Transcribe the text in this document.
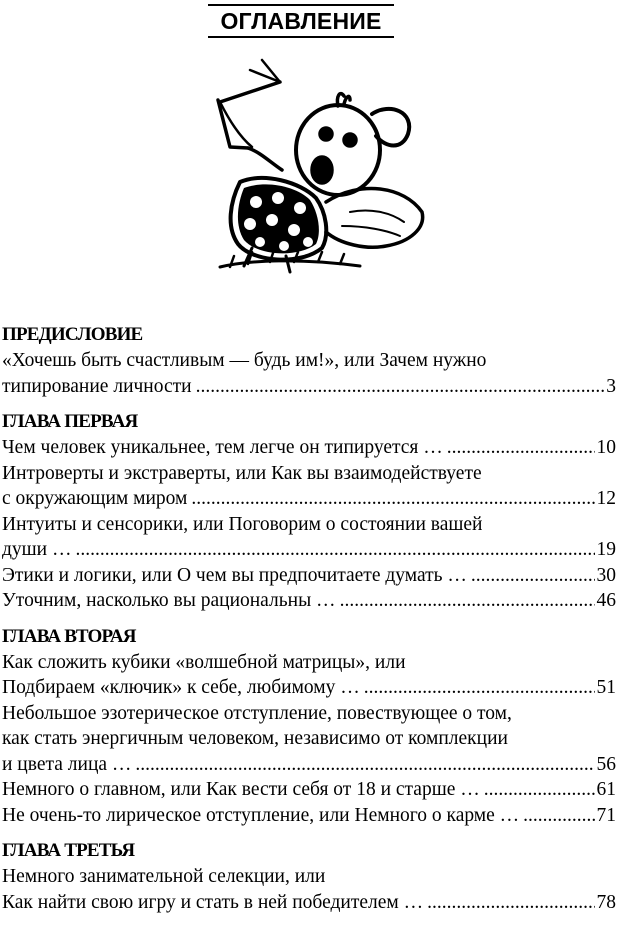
ОГЛАВЛЕНИЕ
ПРЕДИСЛОВИЕ
«Хочешь быть счастливым — будь им!», или Зачем нужно
типирование личности .....	3
ГЛАВА ПЕРВАЯ
Чем человек уникальнее, тем легче он типируется … .....	10
Интроверты и экстраверты, или Как вы взаимодействуете
с окружающим миром .....	12
Интуиты и сенсорики, или Поговорим о состоянии вашей
души … .....	19
Этики и логики, или О чем вы предпочитаете думать … .....	30
Уточним, насколько вы рациональны … .....	46
ГЛАВА ВТОРАЯ
Как сложить кубики «волшебной матрицы», или
Подбираем «ключик» к себе, любимому … .....	51
Небольшое эзотерическое отступление, повествующее о том,
как стать энергичным человеком, независимо от комплекции
и цвета лица … .....	56
Немного о главном, или Как вести себя от 18 и старше … .....	61
Не очень-то лирическое отступление, или Немного о карме … .....	71
ГЛАВА ТРЕТЬЯ
Немного занимательной селекции, или
Как найти свою игру и стать в ней победителем … .....	78
